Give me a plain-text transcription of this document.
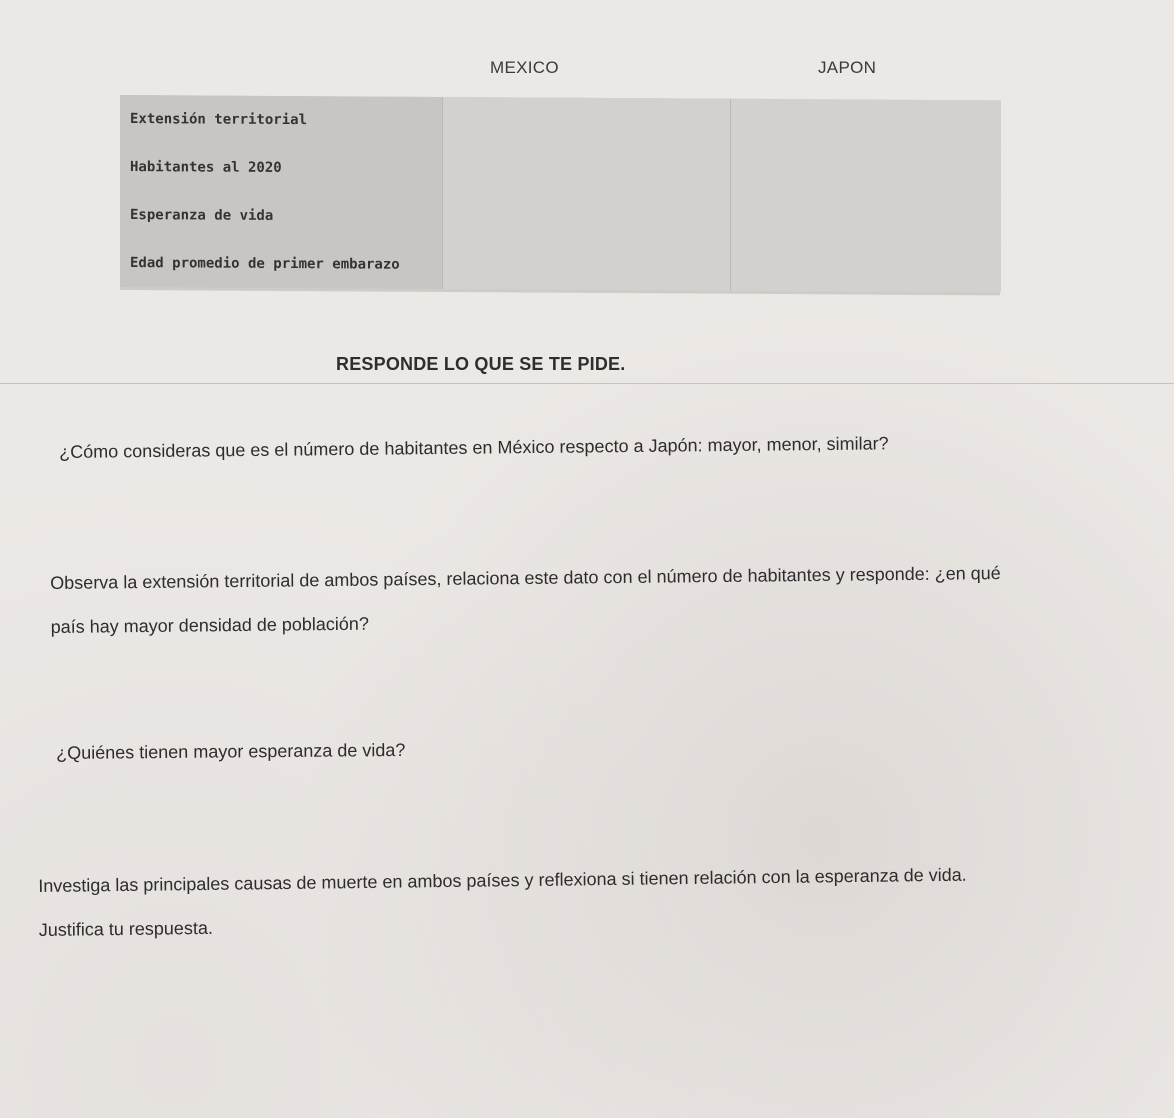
MEXICO	JAPON
Extensión territorial
Habitantes al 2020
Esperanza de vida
Edad promedio de primer embarazo
RESPONDE LO QUE SE TE PIDE.
¿Cómo consideras que es el número de habitantes en México respecto a Japón: mayor, menor, similar?
Observa la extensión territorial de ambos países, relaciona este dato con el número de habitantes y responde: ¿en qué
país hay mayor densidad de población?
¿Quiénes tienen mayor esperanza de vida?
Investiga las principales causas de muerte en ambos países y reflexiona si tienen relación con la esperanza de vida.
Justifica tu respuesta.
